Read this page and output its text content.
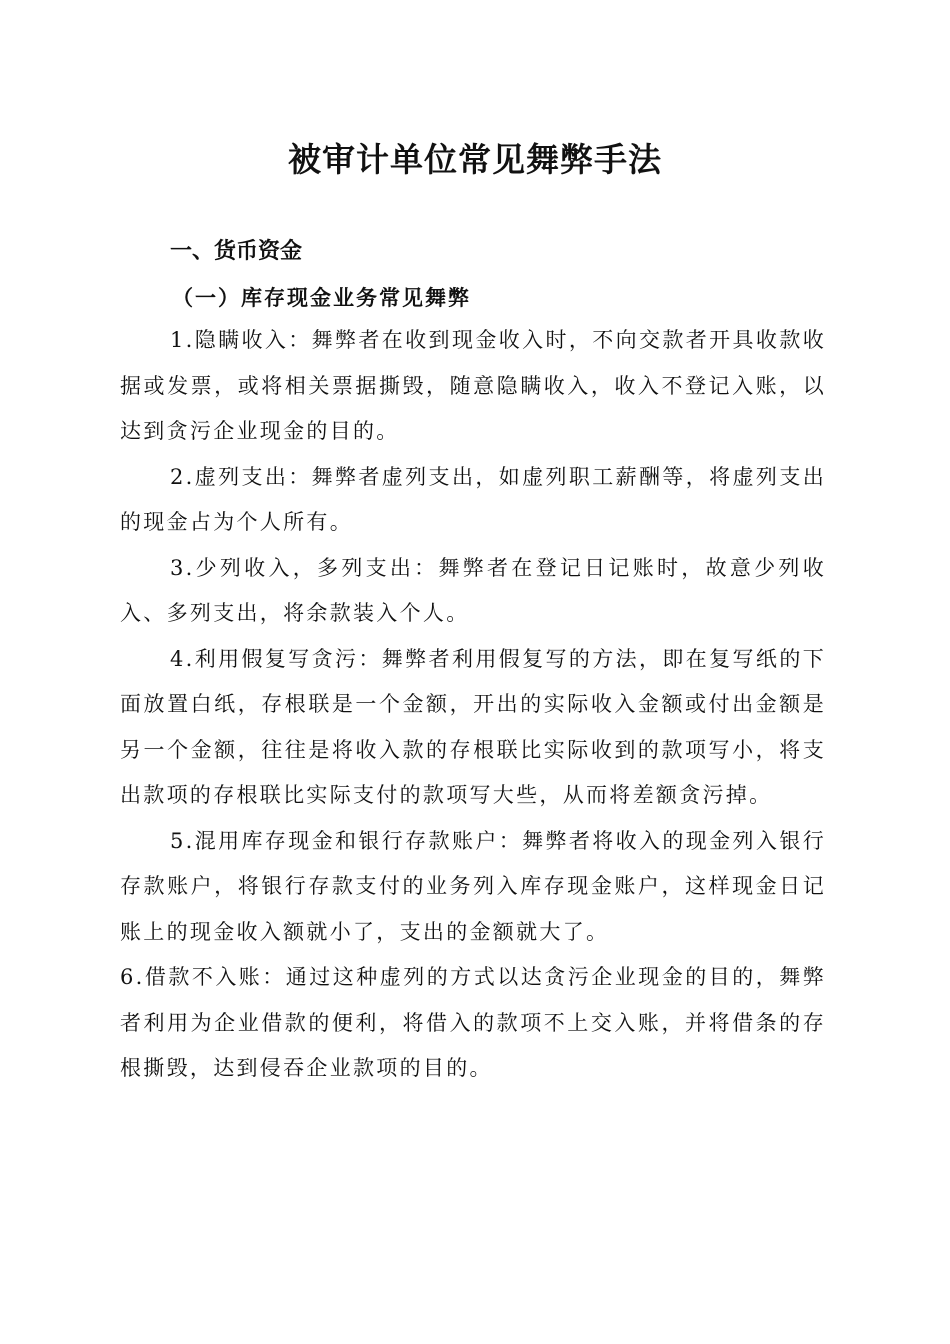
被审计单位常见舞弊手法
一、货币资金
（一）库存现金业务常见舞弊

1.隐瞒收入：舞弊者在收到现金收入时，不向交款者开具收款收据或发票，或将相关票据撕毁，随意隐瞒收入，收入不登记入账，以达到贪污企业现金的目的。

2.虚列支出：舞弊者虚列支出，如虚列职工薪酬等，将虚列支出的现金占为个人所有。

3.少列收入，多列支出：舞弊者在登记日记账时，故意少列收入、多列支出，将余款装入个人。

4.利用假复写贪污：舞弊者利用假复写的方法，即在复写纸的下面放置白纸，存根联是一个金额，开出的实际收入金额或付出金额是另一个金额，往往是将收入款的存根联比实际收到的款项写小，将支出款项的存根联比实际支付的款项写大些，从而将差额贪污掉。

5.混用库存现金和银行存款账户：舞弊者将收入的现金列入银行存款账户，将银行存款支付的业务列入库存现金账户，这样现金日记账上的现金收入额就小了，支出的金额就大了。

6.借款不入账：通过这种虚列的方式以达贪污企业现金的目的，舞弊者利用为企业借款的便利，将借入的款项不上交入账，并将借条的存根撕毁，达到侵吞企业款项的目的。
